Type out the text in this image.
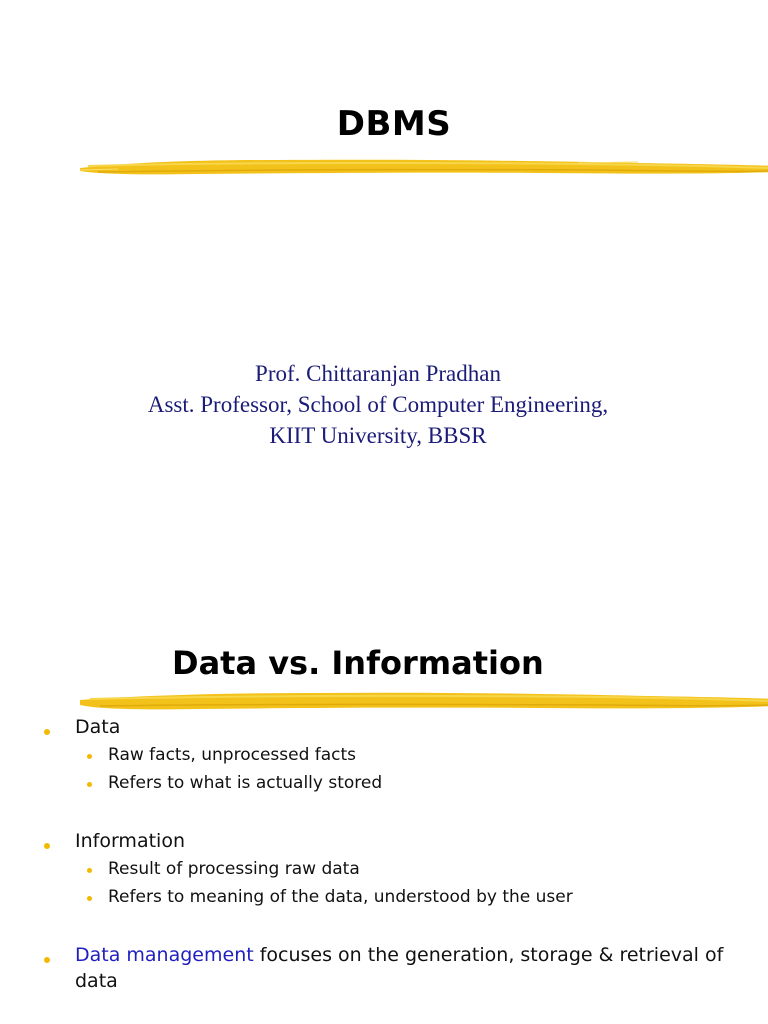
DBMS
Prof. Chittaranjan Pradhan
Asst. Professor, School of Computer Engineering,
KIIT University, BBSR
Data vs. Information
Data
Raw facts, unprocessed facts
Refers to what is actually stored
Information
Result of processing raw data
Refers to meaning of the data, understood by the user
Data management focuses on the generation, storage & retrieval of
data
